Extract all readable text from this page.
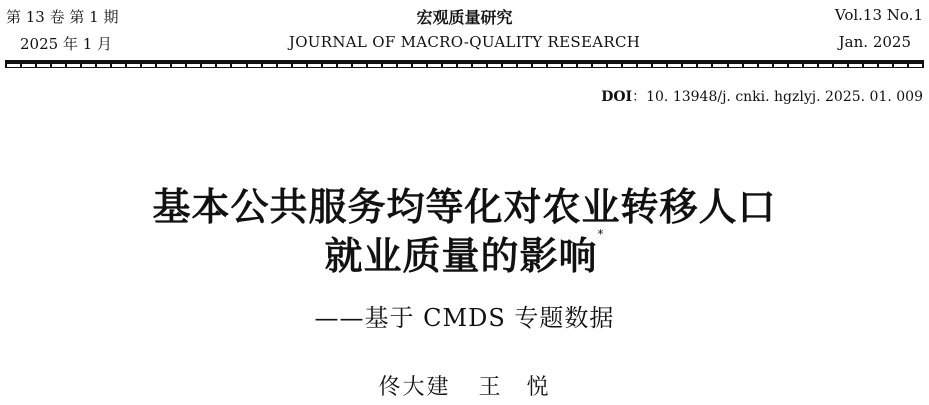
第 13 卷 第 1 期
2025 年 1 月
宏观质量研究
JOURNAL OF MACRO-QUALITY RESEARCH
Vol.13 No.1
Jan. 2025
DOI：10. 13948/j. cnki. hgzlyj. 2025. 01. 009
基本公共服务均等化对农业转移人口
就业质量的影响*
——基于 CMDS 专题数据
佟大建 王　悦
